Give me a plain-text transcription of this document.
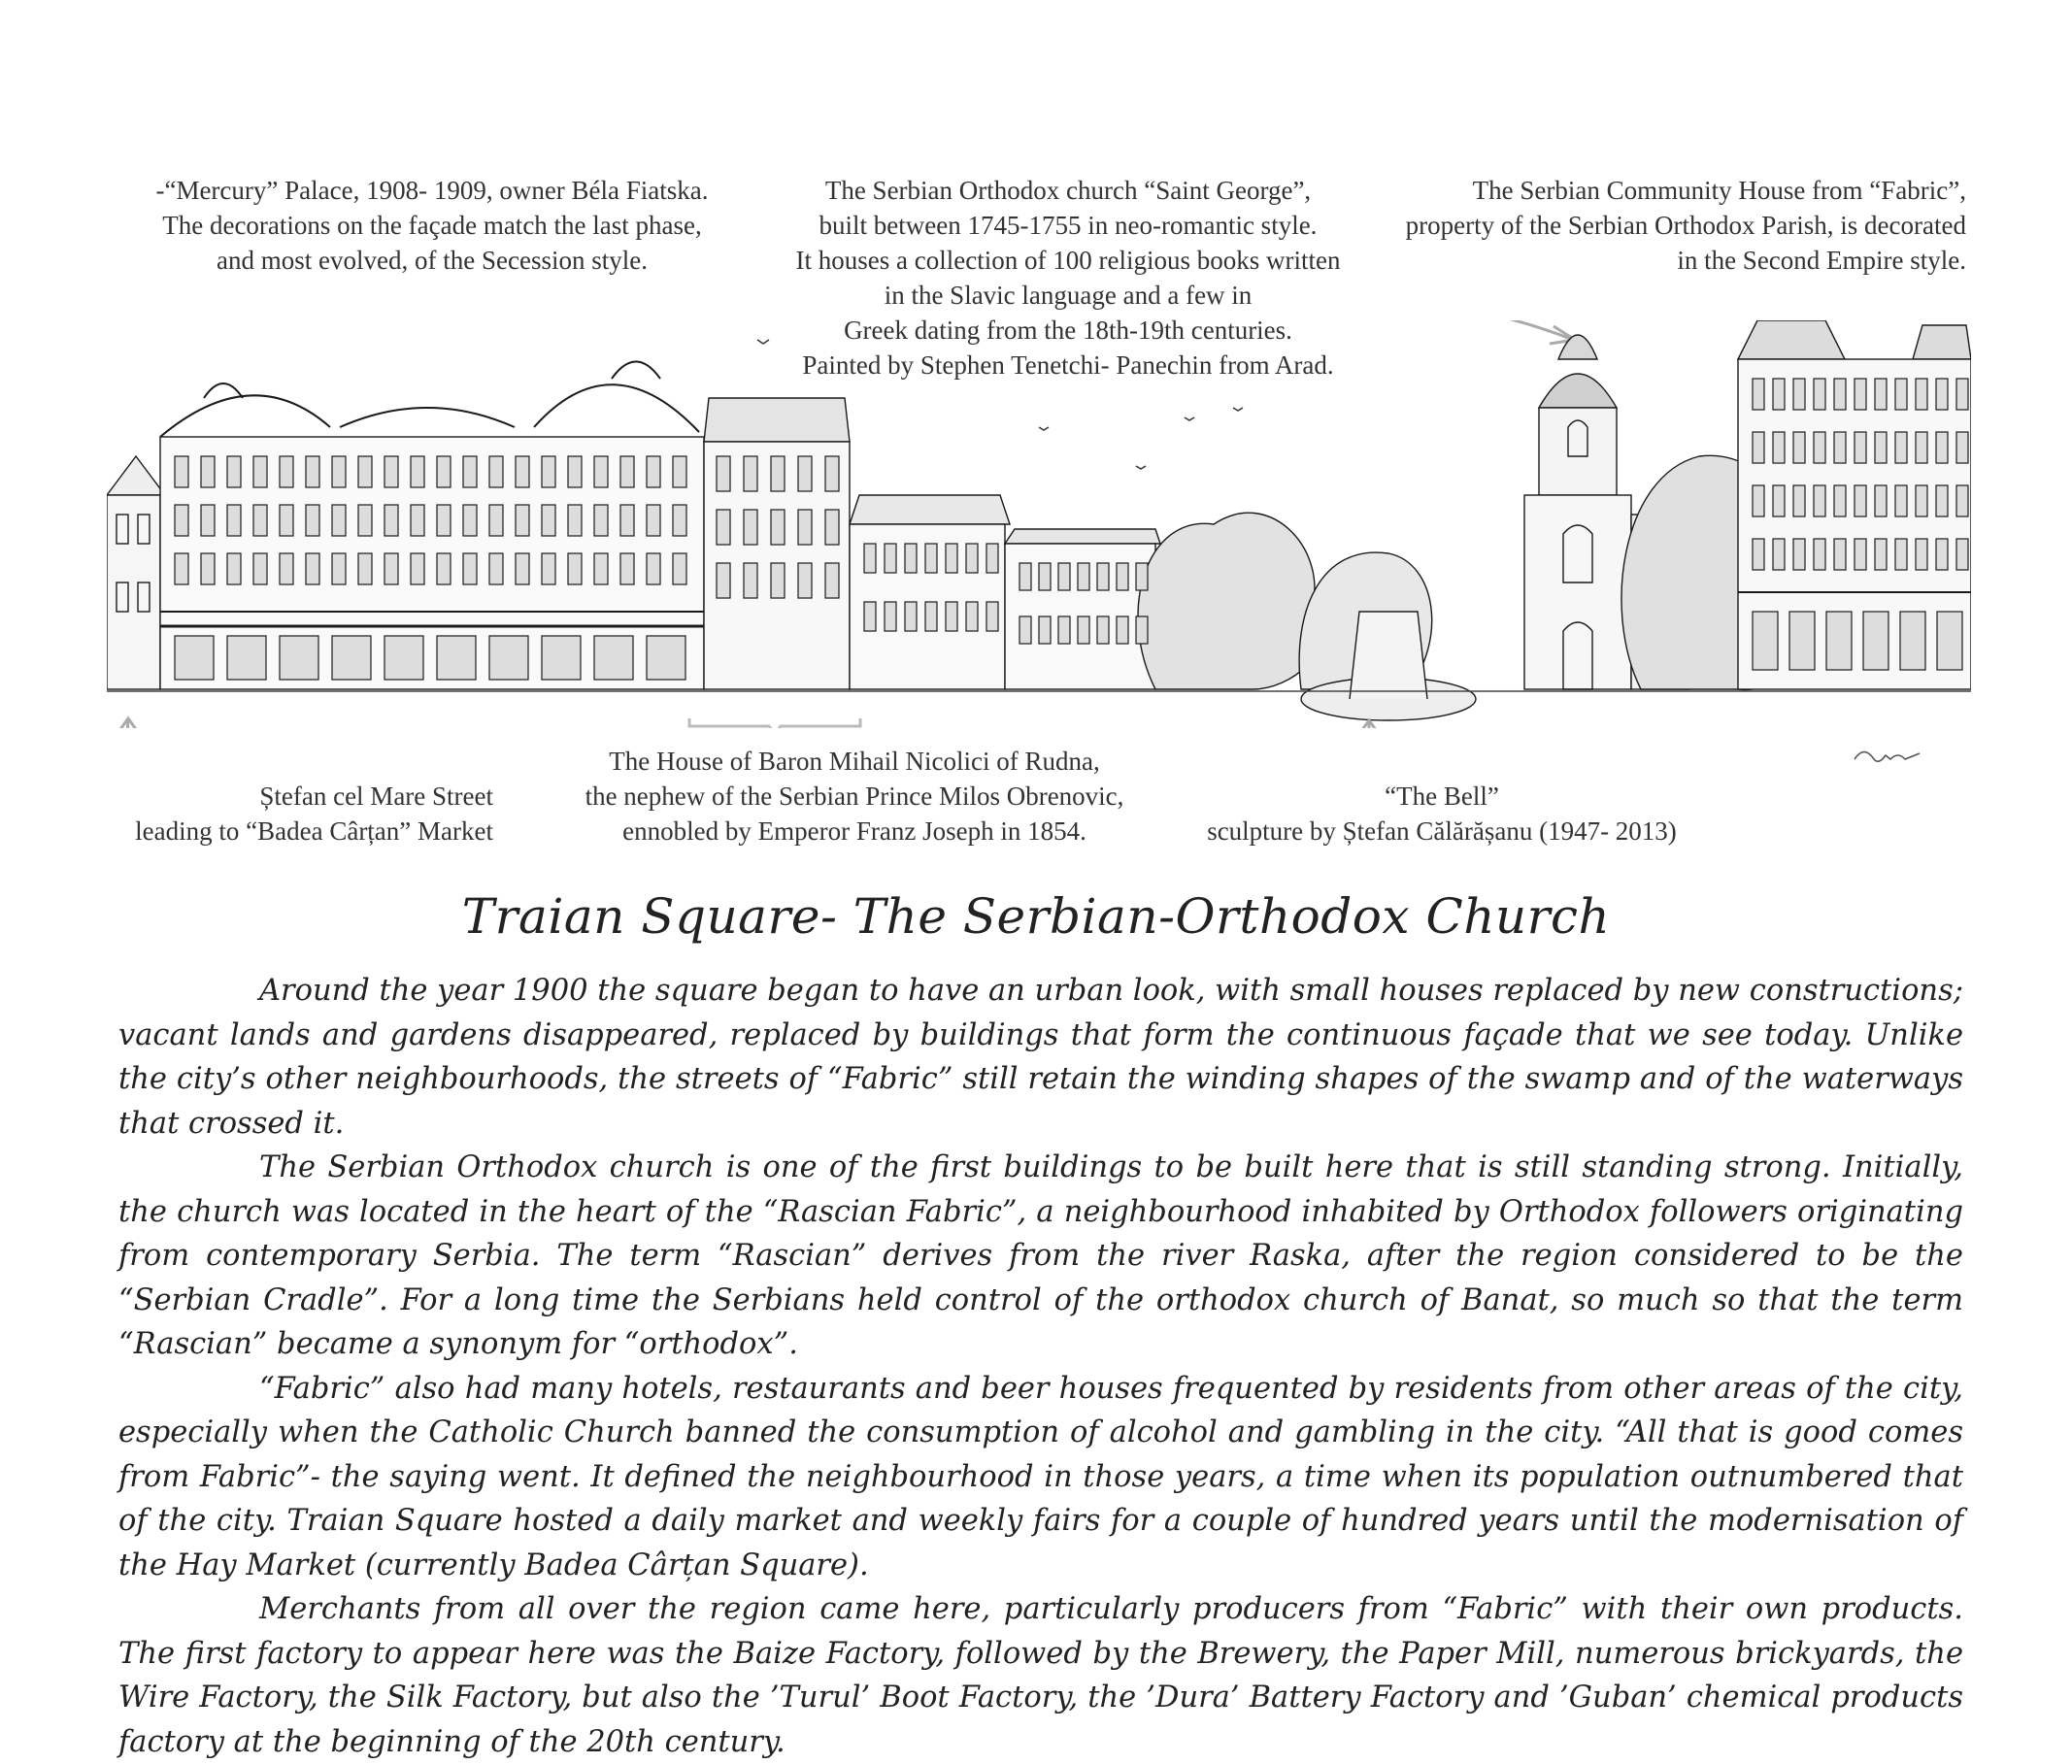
-“Mercury” Palace, 1908- 1909, owner Béla Fiatska.
The decorations on the façade match the last phase,
and most evolved, of the Secession style.
The Serbian Orthodox church “Saint George”,
built between 1745-1755 in neo-romantic style.
It houses a collection of 100 religious books written
in the Slavic language and a few in
Greek dating from the 18th-19th centuries.
Painted by Stephen Tenetchi- Panechin from Arad.
The Serbian Community House from “Fabric”,
property of the Serbian Orthodox Parish, is decorated
in the Second Empire style.
Ștefan cel Mare Street
leading to “Badea Cârțan” Market
The House of Baron Mihail Nicolici of Rudna,
the nephew of the Serbian Prince Milos Obrenovic,
ennobled by Emperor Franz Joseph in 1854.
“The Bell”
sculpture by Ștefan Călărășanu (1947- 2013)
Traian Square- The Serbian-Orthodox Church

Around the year 1900 the square began to have an urban look, with small houses replaced by new constructions; vacant lands and gardens disappeared, replaced by buildings that form the continuous façade that we see today. Unlike the city’s other neighbourhoods, the streets of “Fabric” still retain the winding shapes of the swamp and of the waterways that crossed it.

The Serbian Orthodox church is one of the first buildings to be built here that is still standing strong. Initially, the church was located in the heart of the “Rascian Fabric”, a neighbourhood inhabited by Orthodox followers originating from contemporary Serbia. The term “Rascian” derives from the river Raska, after the region considered to be the “Serbian Cradle”. For a long time the Serbians held control of the orthodox church of Banat, so much so that the term “Rascian” became a synonym for “orthodox”.

“Fabric” also had many hotels, restaurants and beer houses frequented by residents from other areas of the city, especially when the Catholic Church banned the consumption of alcohol and gambling in the city. “All that is good comes from Fabric”- the saying went. It defined the neighbourhood in those years, a time when its population outnumbered that of the city. Traian Square hosted a daily market and weekly fairs for a couple of hundred years until the modernisation of the Hay Market (currently Badea Cârțan Square).

Merchants from all over the region came here, particularly producers from “Fabric” with their own products. The first factory to appear here was the Baize Factory, followed by the Brewery, the Paper Mill, numerous brickyards, the Wire Factory, the Silk Factory, but also the ’Turul’ Boot Factory, the ’Dura’ Battery Factory and ’Guban’ chemical products factory at the beginning of the 20th century.
